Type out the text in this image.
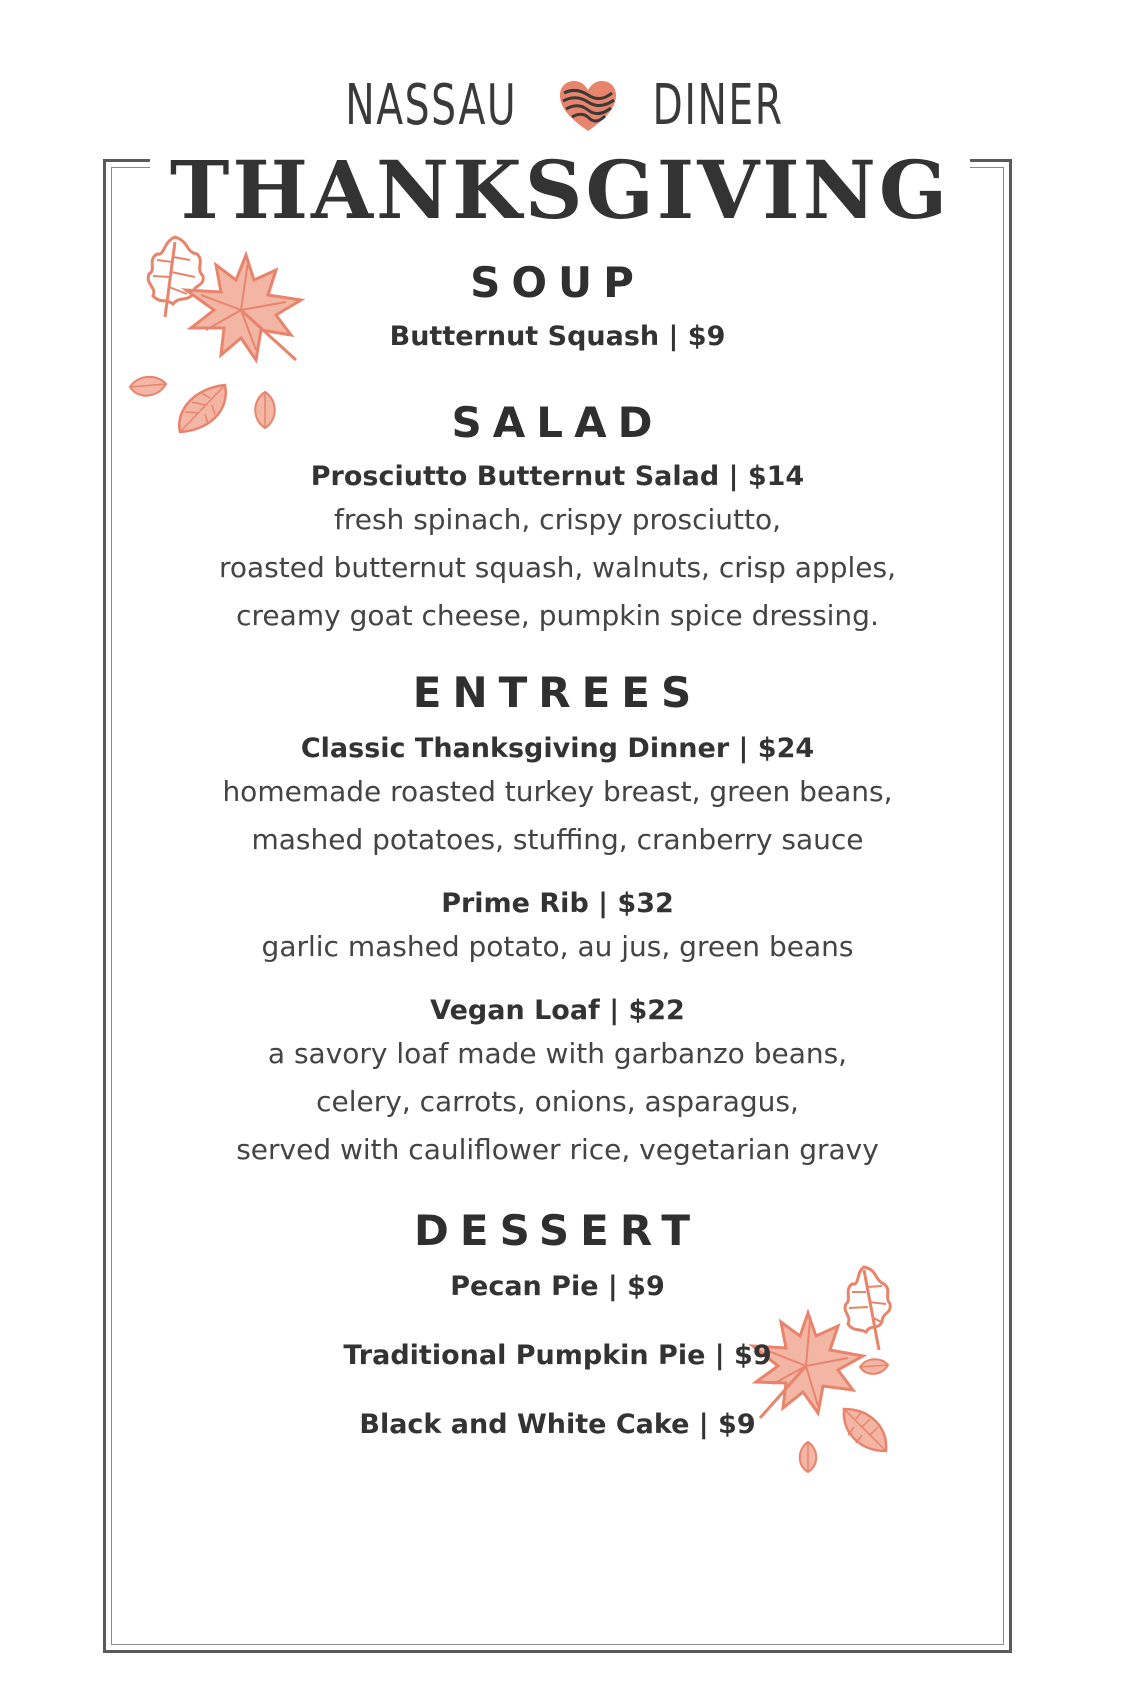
NASSAU DINER
THANKSGIVING
SOUP

Butternut Squash | $9

SALAD

Prosciutto Butternut Salad | $14

fresh spinach, crispy prosciutto,

roasted butternut squash, walnuts, crisp apples,

creamy goat cheese, pumpkin spice dressing.

ENTREES

Classic Thanksgiving Dinner | $24

homemade roasted turkey breast, green beans,

mashed potatoes, stuffing, cranberry sauce

Prime Rib | $32

garlic mashed potato, au jus, green beans

Vegan Loaf | $22

a savory loaf made with garbanzo beans,

celery, carrots, onions, asparagus,

served with cauliflower rice, vegetarian gravy

DESSERT

Pecan Pie | $9

Traditional Pumpkin Pie | $9

Black and White Cake | $9
